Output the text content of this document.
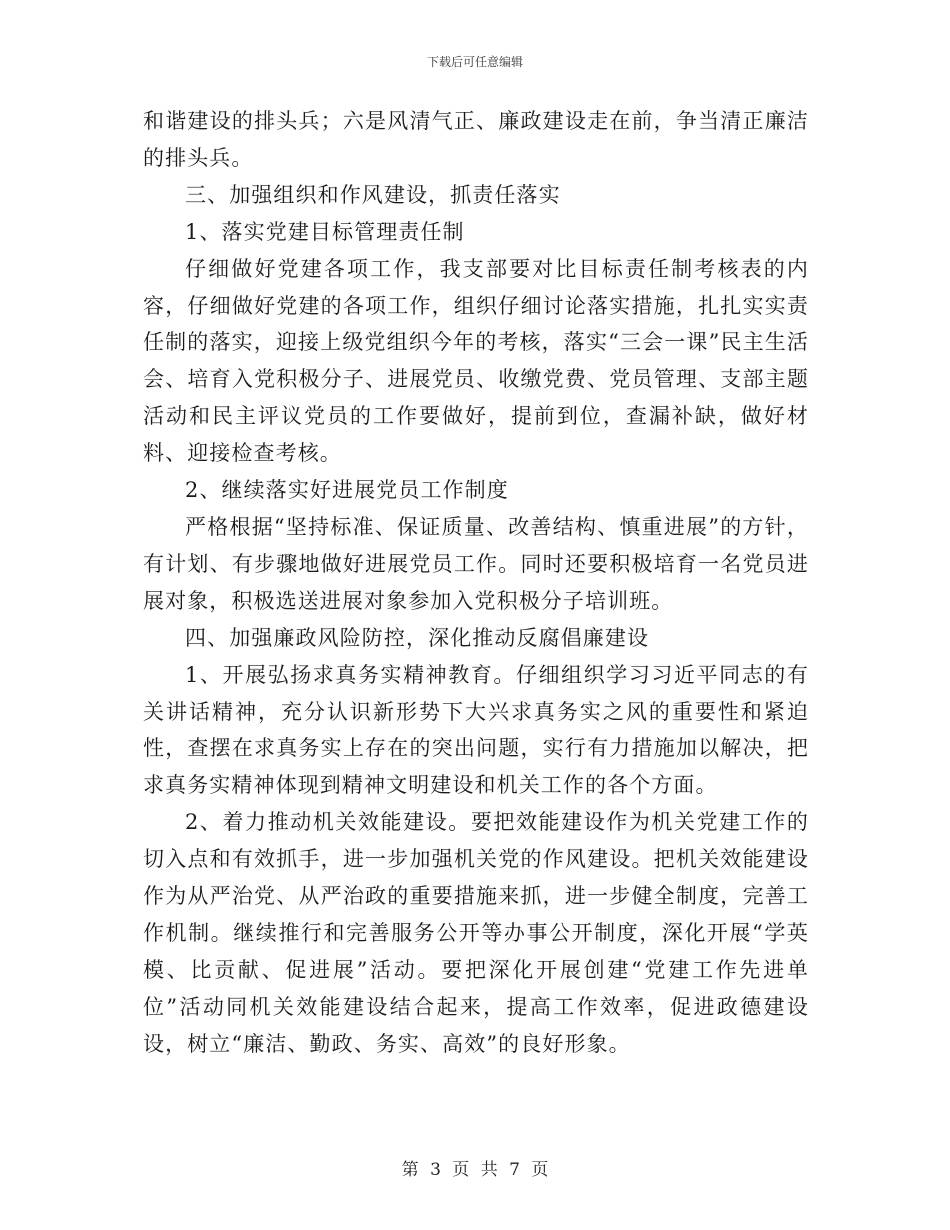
下载后可任意编辑

和谐建设的排头兵；六是风清气正、廉政建设走在前，争当清正廉洁的排头兵。

三、加强组织和作风建设，抓责任落实

1、落实党建目标管理责任制

仔细做好党建各项工作，我支部要对比目标责任制考核表的内容，仔细做好党建的各项工作，组织仔细讨论落实措施，扎扎实实责任制的落实，迎接上级党组织今年的考核，落实“三会一课”民主生活会、培育入党积极分子、进展党员、收缴党费、党员管理、支部主题活动和民主评议党员的工作要做好，提前到位，查漏补缺，做好材料、迎接检查考核。

2、继续落实好进展党员工作制度

严格根据“坚持标准、保证质量、改善结构、慎重进展”的方针，有计划、有步骤地做好进展党员工作。同时还要积极培育一名党员进展对象，积极选送进展对象参加入党积极分子培训班。

四、加强廉政风险防控，深化推动反腐倡廉建设

1、开展弘扬求真务实精神教育。仔细组织学习习近平同志的有关讲话精神，充分认识新形势下大兴求真务实之风的重要性和紧迫性，查摆在求真务实上存在的突出问题，实行有力措施加以解决，把求真务实精神体现到精神文明建设和机关工作的各个方面。

2、着力推动机关效能建设。要把效能建设作为机关党建工作的切入点和有效抓手，进一步加强机关党的作风建设。把机关效能建设作为从严治党、从严治政的重要措施来抓，进一步健全制度，完善工作机制。继续推行和完善服务公开等办事公开制度，深化开展“学英模、比贡献、促进展”活动。要把深化开展创建“党建工作先进单位”活动同机关效能建设结合起来，提高工作效率，促进政德建设设，树立“廉洁、勤政、务实、高效”的良好形象。

第 3 页 共 7 页
